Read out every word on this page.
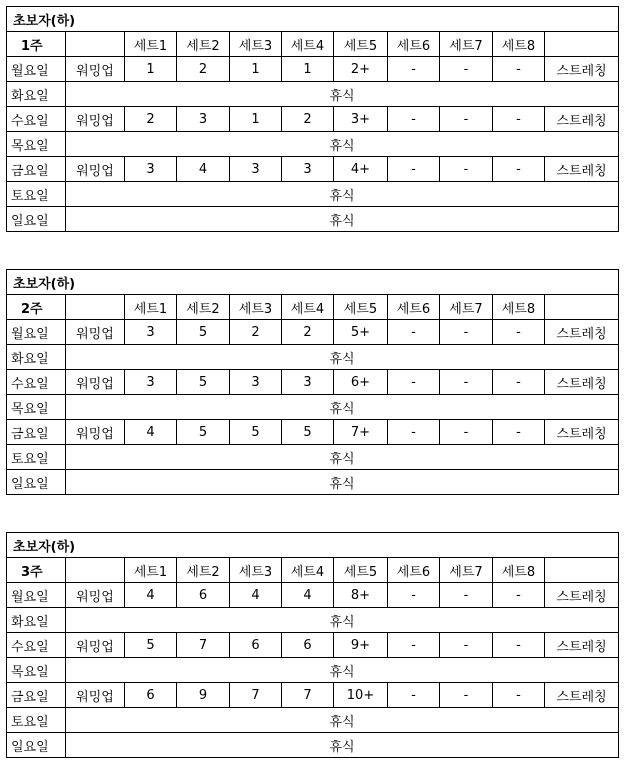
초보자(하)										
1주		세트1	세트2	세트3	세트4	세트5	세트6	세트7	세트8	
월요일	워밍업	1	2	1	1	2+	-	-	-	스트레칭
화요일	휴식									
수요일	워밍업	2	3	1	2	3+	-	-	-	스트레칭
목요일	휴식									
금요일	워밍업	3	4	3	3	4+	-	-	-	스트레칭
토요일	휴식									
일요일	휴식									
초보자(하)										
2주		세트1	세트2	세트3	세트4	세트5	세트6	세트7	세트8	
월요일	워밍업	3	5	2	2	5+	-	-	-	스트레칭
화요일	휴식									
수요일	워밍업	3	5	3	3	6+	-	-	-	스트레칭
목요일	휴식									
금요일	워밍업	4	5	5	5	7+	-	-	-	스트레칭
토요일	휴식									
일요일	휴식									
초보자(하)										
3주		세트1	세트2	세트3	세트4	세트5	세트6	세트7	세트8	
월요일	워밍업	4	6	4	4	8+	-	-	-	스트레칭
화요일	휴식									
수요일	워밍업	5	7	6	6	9+	-	-	-	스트레칭
목요일	휴식									
금요일	워밍업	6	9	7	7	10+	-	-	-	스트레칭
토요일	휴식									
일요일	휴식									
